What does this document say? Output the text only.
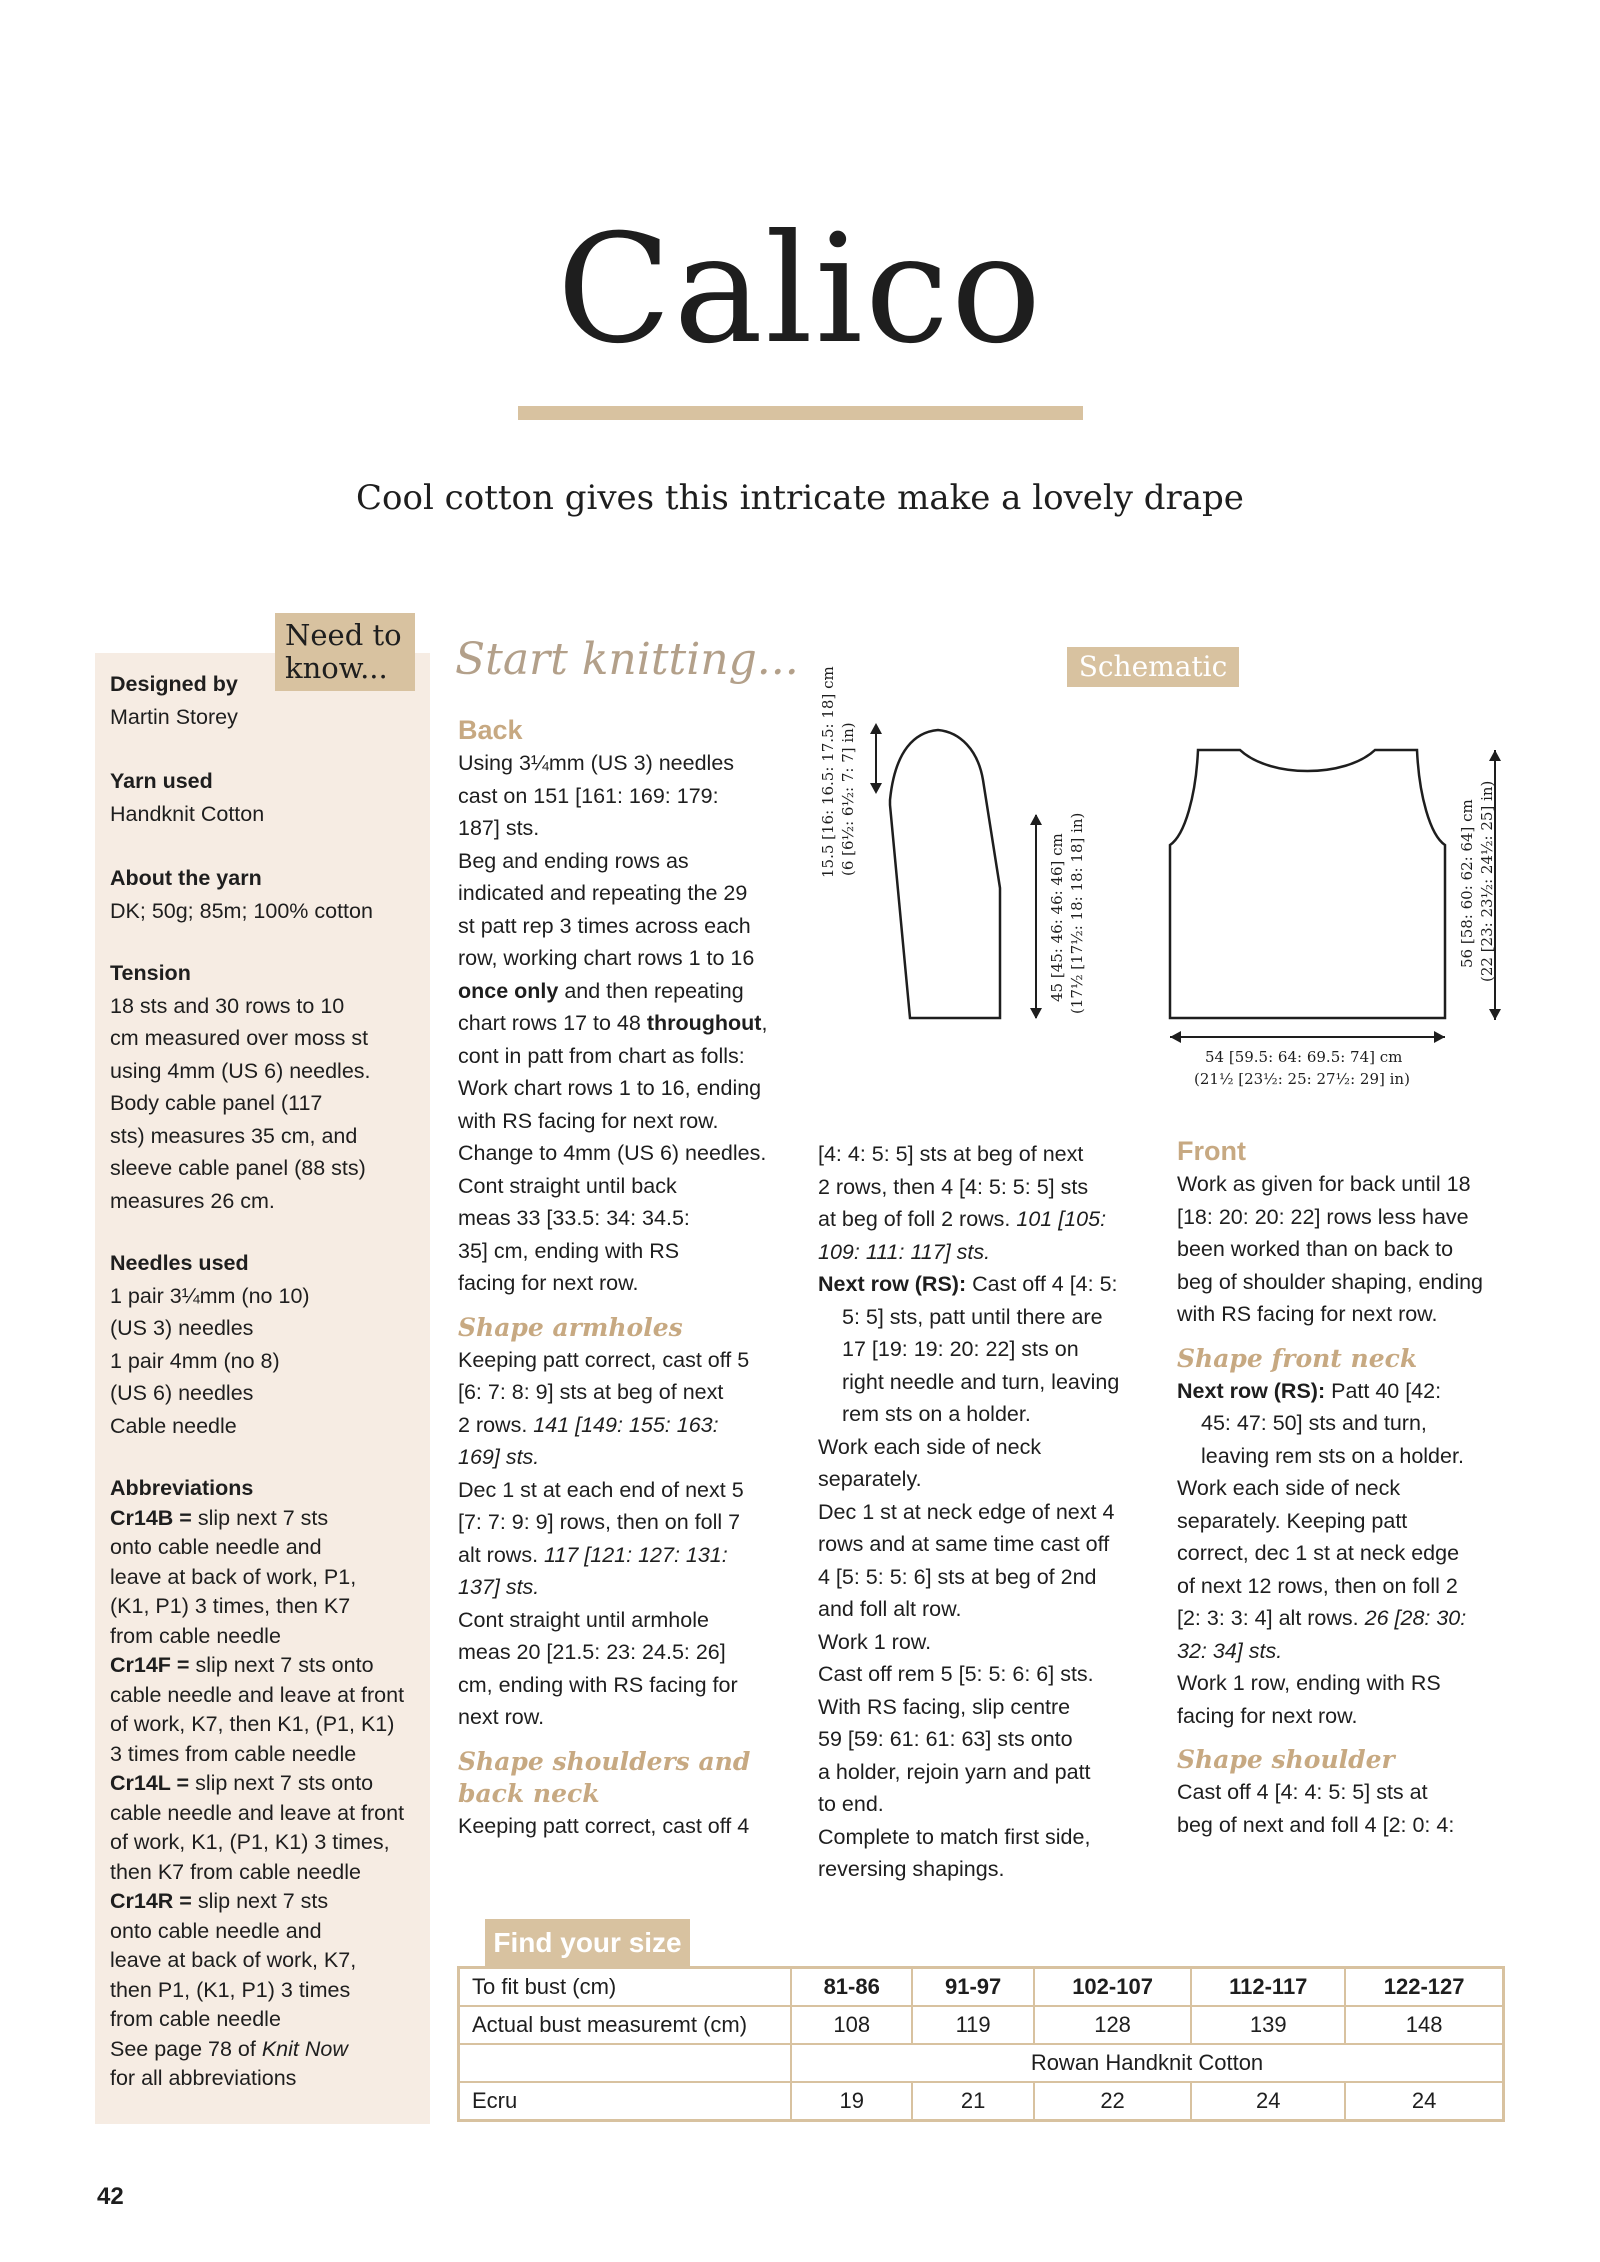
Calico
Cool cotton gives this intricate make a lovely drape
Need to
know...
Designed by
Martin Storey
Yarn used
Handknit Cotton
About the yarn
DK; 50g; 85m; 100% cotton
Tension
18 sts and 30 rows to 10
cm measured over moss st
using 4mm (US 6) needles.
Body cable panel (117
sts) measures 35 cm, and
sleeve cable panel (88 sts)
measures 26 cm.
Needles used
1 pair 3¼mm (no 10)
(US 3) needles
1 pair 4mm (no 8)
(US 6) needles
Cable needle
Abbreviations
Cr14B = slip next 7 sts
onto cable needle and
leave at back of work, P1,
(K1, P1) 3 times, then K7
from cable needle
Cr14F = slip next 7 sts onto
cable needle and leave at front
of work, K7, then K1, (P1, K1)
3 times from cable needle
Cr14L = slip next 7 sts onto
cable needle and leave at front
of work, K1, (P1, K1) 3 times,
then K7 from cable needle
Cr14R = slip next 7 sts
onto cable needle and
leave at back of work, K7,
then P1, (K1, P1) 3 times
from cable needle
See page 78 of Knit Now
for all abbreviations
Start knitting...
Back
Using 3¼mm (US 3) needles
cast on 151 [161: 169: 179:
187] sts.
Beg and ending rows as
indicated and repeating the 29
st patt rep 3 times across each
row, working chart rows 1 to 16
once only and then repeating
chart rows 17 to 48 throughout,
cont in patt from chart as folls:
Work chart rows 1 to 16, ending
with RS facing for next row.
Change to 4mm (US 6) needles.
Cont straight until back
meas 33 [33.5: 34: 34.5:
35] cm, ending with RS
facing for next row.
Shape armholes
Keeping patt correct, cast off 5
[6: 7: 8: 9] sts at beg of next
2 rows. 141 [149: 155: 163:
169] sts.
Dec 1 st at each end of next 5
[7: 7: 9: 9] rows, then on foll 7
alt rows. 117 [121: 127: 131:
137] sts.
Cont straight until armhole
meas 20 [21.5: 23: 24.5: 26]
cm, ending with RS facing for
next row.
Shape shoulders and
back neck
Keeping patt correct, cast off 4
Schematic
15.5 [16: 16.5: 17.5: 18] cm (6 [6½: 6½: 7: 7] in)
45 [45: 46: 46: 46] cm (17½ [17½: 18: 18: 18] in)	56 [58: 60: 62: 64] cm (22 [23: 23½: 24½: 25] in)
54 [59.5: 64: 69.5: 74] cm
(21½ [23½: 25: 27½: 29] in)
[4: 4: 5: 5] sts at beg of next
2 rows, then 4 [4: 5: 5: 5] sts
at beg of foll 2 rows. 101 [105:
109: 111: 117] sts.
Next row (RS): Cast off 4 [4: 5:
5: 5] sts, patt until there are
17 [19: 19: 20: 22] sts on
right needle and turn, leaving
rem sts on a holder.
Work each side of neck
separately.
Dec 1 st at neck edge of next 4
rows and at same time cast off
4 [5: 5: 5: 6] sts at beg of 2nd
and foll alt row.
Work 1 row.
Cast off rem 5 [5: 5: 6: 6] sts.
With RS facing, slip centre
59 [59: 61: 61: 63] sts onto
a holder, rejoin yarn and patt
to end.
Complete to match first side,
reversing shapings.
Front
Work as given for back until 18
[18: 20: 20: 22] rows less have
been worked than on back to
beg of shoulder shaping, ending
with RS facing for next row.
Shape front neck
Next row (RS): Patt 40 [42:
45: 47: 50] sts and turn,
leaving rem sts on a holder.
Work each side of neck
separately. Keeping patt
correct, dec 1 st at neck edge
of next 12 rows, then on foll 2
[2: 3: 3: 4] alt rows. 26 [28: 30:
32: 34] sts.
Work 1 row, ending with RS
facing for next row.
Shape shoulder
Cast off 4 [4: 4: 5: 5] sts at
beg of next and foll 4 [2: 0: 4:
Find your size
To fit bust (cm)	81-86	91-97	102-107	112-117	122-127
Actual bust measuremt (cm)	108	119	128	139	148
	Rowan Handknit Cotton				
Ecru	19	21	22	24	24
42
